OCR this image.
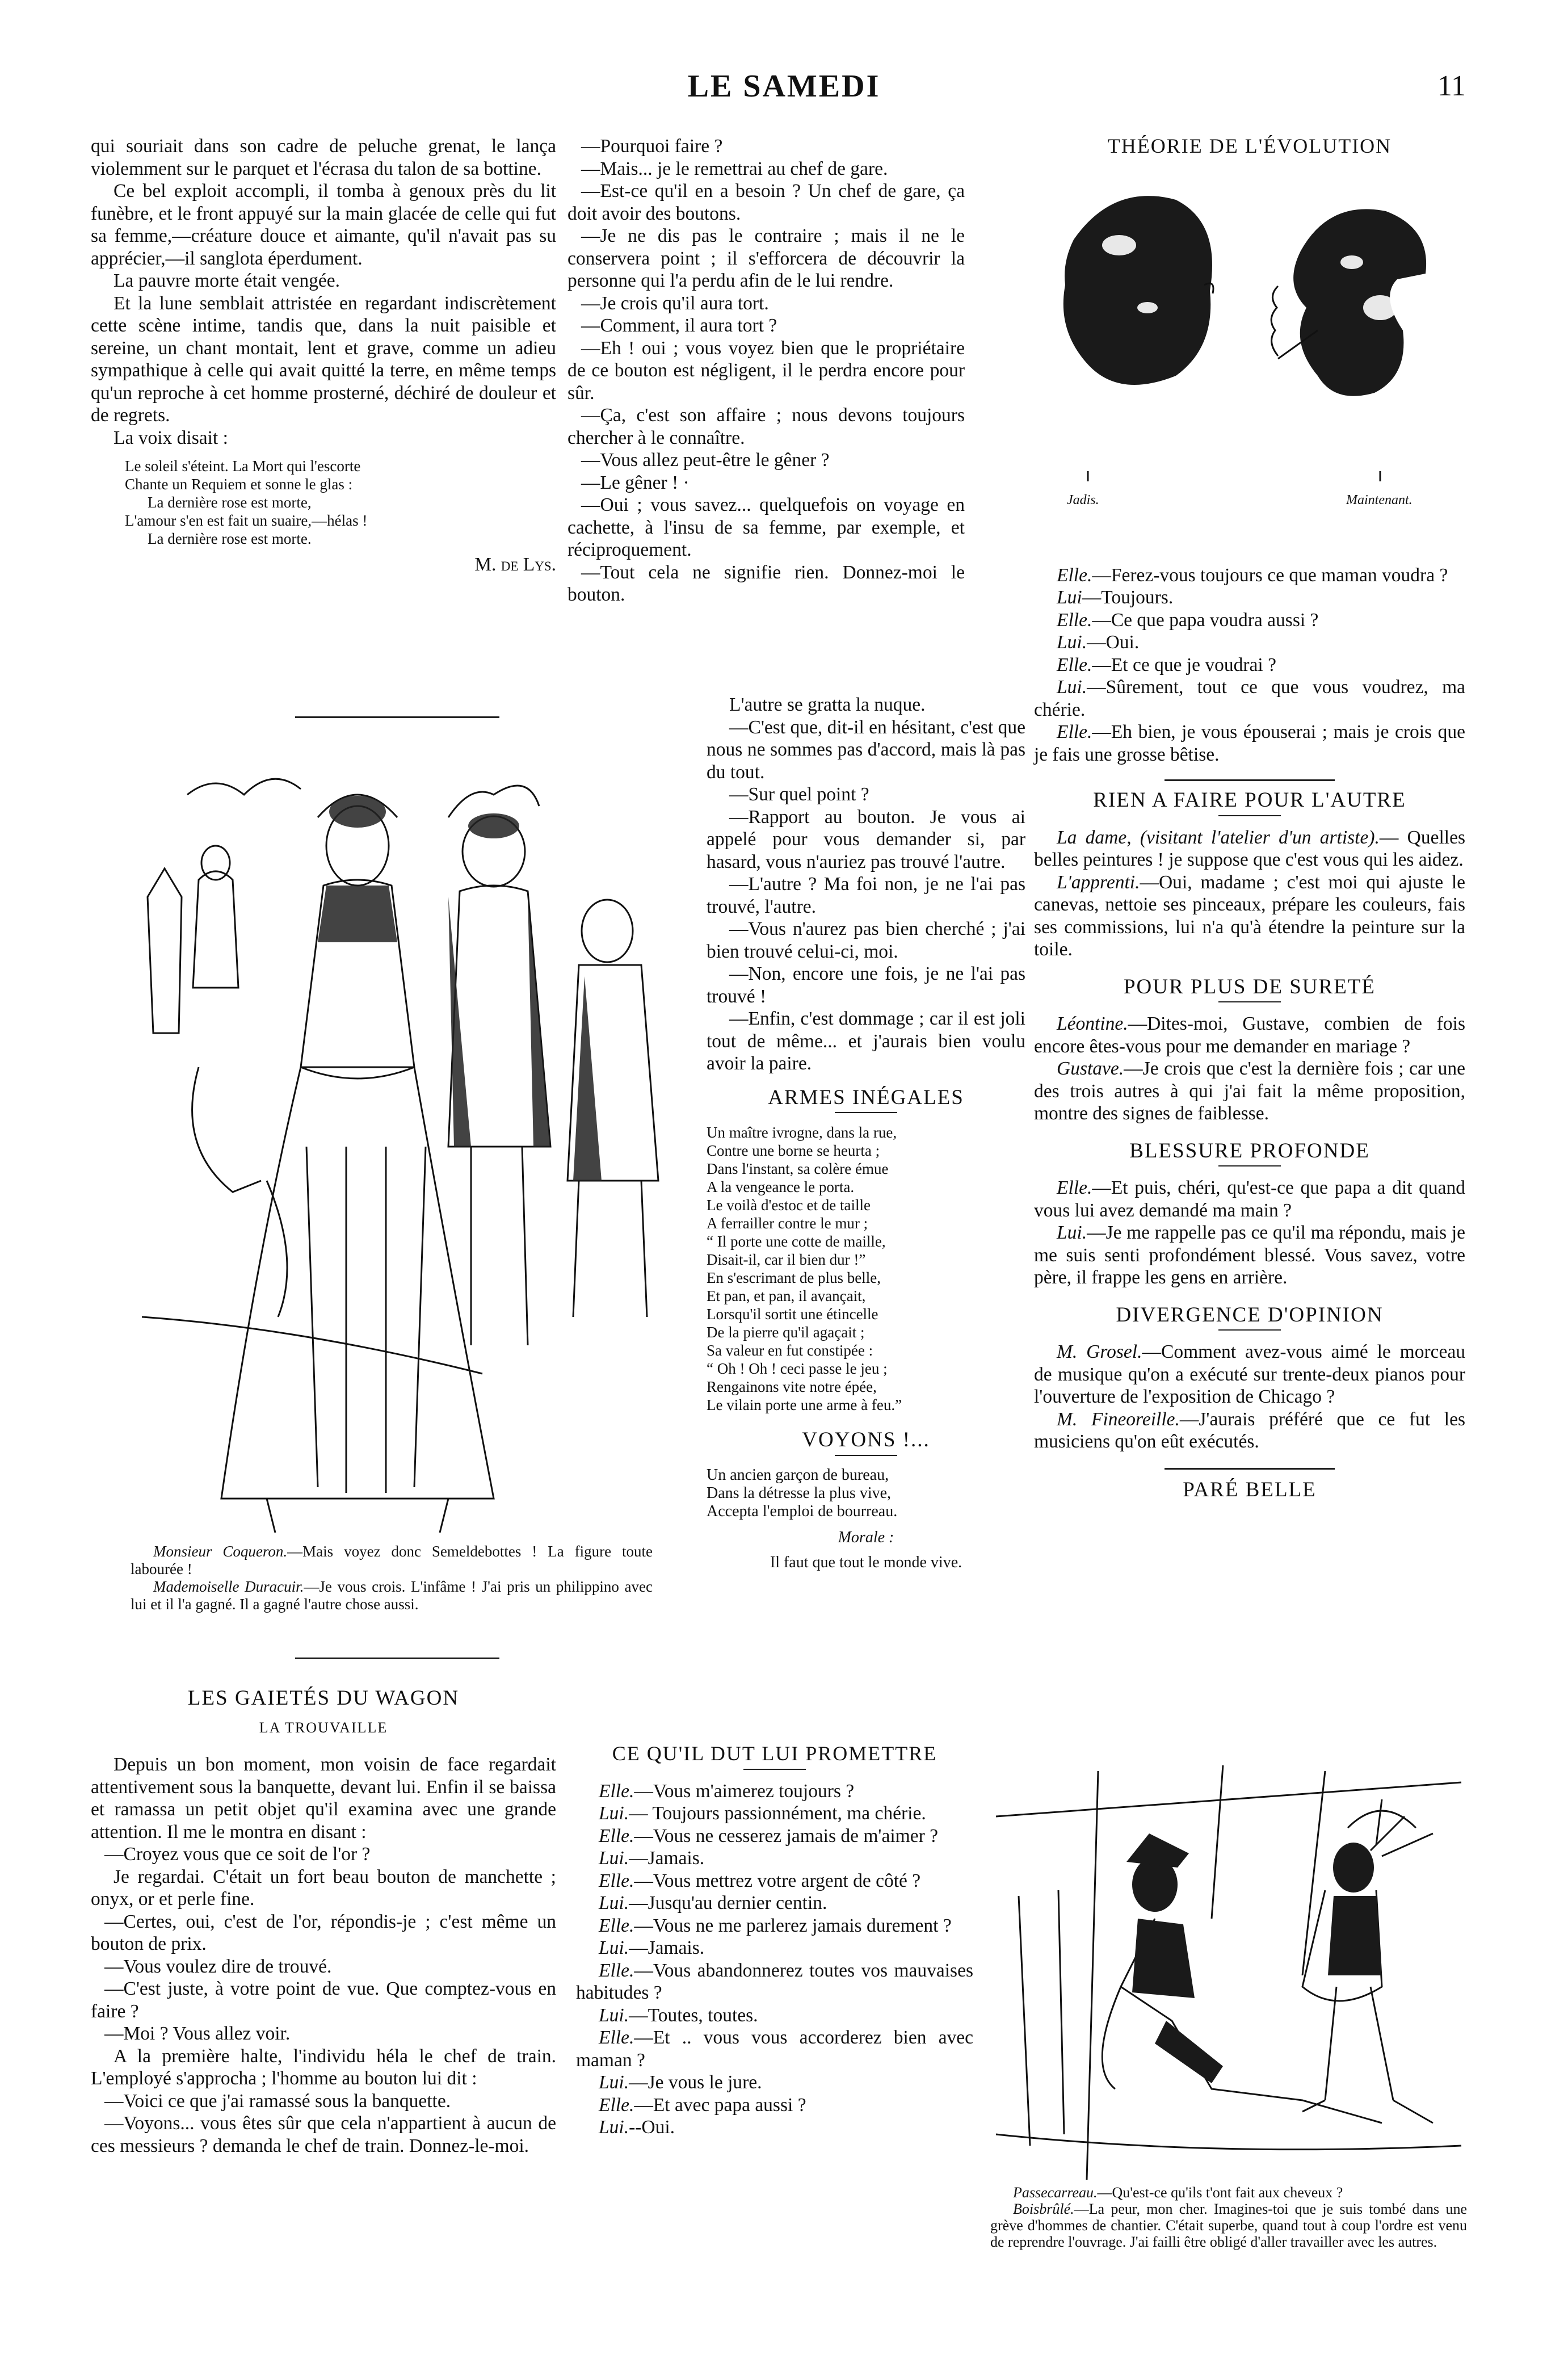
LE SAMEDI	11

qui souriait dans son cadre de peluche grenat, le lança violemment sur le parquet et l'écrasa du talon de sa bottine.

Ce bel exploit accompli, il tomba à genoux près du lit funèbre, et le front appuyé sur la main glacée de celle qui fut sa femme,—créature douce et aimante, qu'il n'avait pas su apprécier,—il sanglota éperdument.

La pauvre morte était vengée.

Et la lune semblait attristée en regardant indiscrètement cette scène intime, tandis que, dans la nuit paisible et sereine, un chant montait, lent et grave, comme un adieu sympathique à celle qui avait quitté la terre, en même temps qu'un reproche à cet homme prosterné, déchiré de douleur et de regrets.

La voix disait :

Le soleil s'éteint. La Mort qui l'escorte
Chante un Requiem et sonne le glas :
La dernière rose est morte,
L'amour s'en est fait un suaire,—hélas !
La dernière rose est morte.

M. de Lys.

Monsieur Coqueron.—Mais voyez donc Semeldebottes ! La figure toute labourée !

Mademoiselle Duracuir.—Je vous crois. L'infâme ! J'ai pris un philippino avec lui et il l'a gagné. Il a gagné l'autre chose aussi.

LES GAIETÉS DU WAGON
LA TROUVAILLE

Depuis un bon moment, mon voisin de face regardait attentivement sous la banquette, devant lui. Enfin il se baissa et ramassa un petit objet qu'il examina avec une grande attention. Il me le montra en disant :

—Croyez vous que ce soit de l'or ?

Je regardai. C'était un fort beau bouton de manchette ; onyx, or et perle fine.

—Certes, oui, c'est de l'or, répondis-je ; c'est même un bouton de prix.

—Vous voulez dire de trouvé.

—C'est juste, à votre point de vue. Que comptez-vous en faire ?

—Moi ? Vous allez voir.

A la première halte, l'individu héla le chef de train. L'employé s'approcha ; l'homme au bouton lui dit :

—Voici ce que j'ai ramassé sous la banquette.

—Voyons... vous êtes sûr que cela n'appartient à aucun de ces messieurs ? demanda le chef de train. Donnez-le-moi.

—Pourquoi faire ?

—Mais... je le remettrai au chef de gare.

—Est-ce qu'il en a besoin ? Un chef de gare, ça doit avoir des boutons.

—Je ne dis pas le contraire ; mais il ne le conservera point ; il s'efforcera de découvrir la personne qui l'a perdu afin de le lui rendre.

—Je crois qu'il aura tort.

—Comment, il aura tort ?

—Eh ! oui ; vous voyez bien que le propriétaire de ce bouton est négligent, il le perdra encore pour sûr.

—Ça, c'est son affaire ; nous devons toujours chercher à le connaître.

—Vous allez peut-être le gêner ?

—Le gêner ! ·

—Oui ; vous savez... quelquefois on voyage en cachette, à l'insu de sa femme, par exemple, et réciproquement.

—Tout cela ne signifie rien. Donnez-moi le bouton.

L'autre se gratta la nuque.

—C'est que, dit-il en hésitant, c'est que nous ne sommes pas d'accord, mais là pas du tout.

—Sur quel point ?

—Rapport au bouton. Je vous ai appelé pour vous demander si, par hasard, vous n'auriez pas trouvé l'autre.

—L'autre ? Ma foi non, je ne l'ai pas trouvé, l'autre.

—Vous n'aurez pas bien cherché ; j'ai bien trouvé celui-ci, moi.

—Non, encore une fois, je ne l'ai pas trouvé !

—Enfin, c'est dommage ; car il est joli tout de même... et j'aurais bien voulu avoir la paire.

ARMES INÉGALES
Un maître ivrogne, dans la rue,
Contre une borne se heurta ;
Dans l'instant, sa colère émue
A la vengeance le porta.
Le voilà d'estoc et de taille
A ferrailler contre le mur ;
“ Il porte une cotte de maille,
Disait-il, car il bien dur !”
En s'escrimant de plus belle,
Et pan, et pan, il avançait,
Lorsqu'il sortit une étincelle
De la pierre qu'il agaçait ;
Sa valeur en fut constipée :
“ Oh ! Oh ! ceci passe le jeu ;
Rengainons vite notre épée,
Le vilain porte une arme à feu.”
VOYONS !...
Un ancien garçon de bureau,
Dans la détresse la plus vive,
Accepta l'emploi de bourreau.
Morale :
Il faut que tout le monde vive.
CE QU'IL DUT LUI PROMETTRE

Elle.—Vous m'aimerez toujours ?

Lui.— Toujours passionnément, ma chérie.

Elle.—Vous ne cesserez jamais de m'aimer ?

Lui.—Jamais.

Elle.—Vous mettrez votre argent de côté ?

Lui.—Jusqu'au dernier centin.

Elle.—Vous ne me parlerez jamais durement ?

Lui.—Jamais.

Elle.—Vous abandonnerez toutes vos mauvaises habitudes ?

Lui.—Toutes, toutes.

Elle.—Et .. vous vous accorderez bien avec maman ?

Lui.—Je vous le jure.

Elle.—Et avec papa aussi ?

Lui.--Oui.

THÉORIE DE L'ÉVOLUTION
Jadis.	Maintenant.

Elle.—Ferez-vous toujours ce que maman voudra ?

Lui—Toujours.

Elle.—Ce que papa voudra aussi ?

Lui.—Oui.

Elle.—Et ce que je voudrai ?

Lui.—Sûrement, tout ce que vous voudrez, ma chérie.

Elle.—Eh bien, je vous épouserai ; mais je crois que je fais une grosse bêtise.

RIEN A FAIRE POUR L'AUTRE

La dame, (visitant l'atelier d'un artiste).— Quelles belles peintures ! je suppose que c'est vous qui les aidez.

L'apprenti.—Oui, madame ; c'est moi qui ajuste le canevas, nettoie ses pinceaux, prépare les couleurs, fais ses commissions, lui n'a qu'à étendre la peinture sur la toile.

POUR PLUS DE SURETÉ

Léontine.—Dites-moi, Gustave, combien de fois encore êtes-vous pour me demander en mariage ?

Gustave.—Je crois que c'est la dernière fois ; car une des trois autres à qui j'ai fait la même proposition, montre des signes de faiblesse.

BLESSURE PROFONDE

Elle.—Et puis, chéri, qu'est-ce que papa a dit quand vous lui avez demandé ma main ?

Lui.—Je me rappelle pas ce qu'il ma répondu, mais je me suis senti profondément blessé. Vous savez, votre père, il frappe les gens en arrière.

DIVERGENCE D'OPINION

M. Grosel.—Comment avez-vous aimé le morceau de musique qu'on a exécuté sur trente-deux pianos pour l'ouverture de l'exposition de Chicago ?

M. Fineoreille.—J'aurais préféré que ce fut les musiciens qu'on eût exécutés.

PARÉ BELLE

Passecarreau.—Qu'est-ce qu'ils t'ont fait aux cheveux ?

Boisbrûlé.—La peur, mon cher. Imagines-toi que je suis tombé dans une grève d'hommes de chantier. C'était superbe, quand tout à coup l'ordre est venu de reprendre l'ouvrage. J'ai failli être obligé d'aller travailler avec les autres.
